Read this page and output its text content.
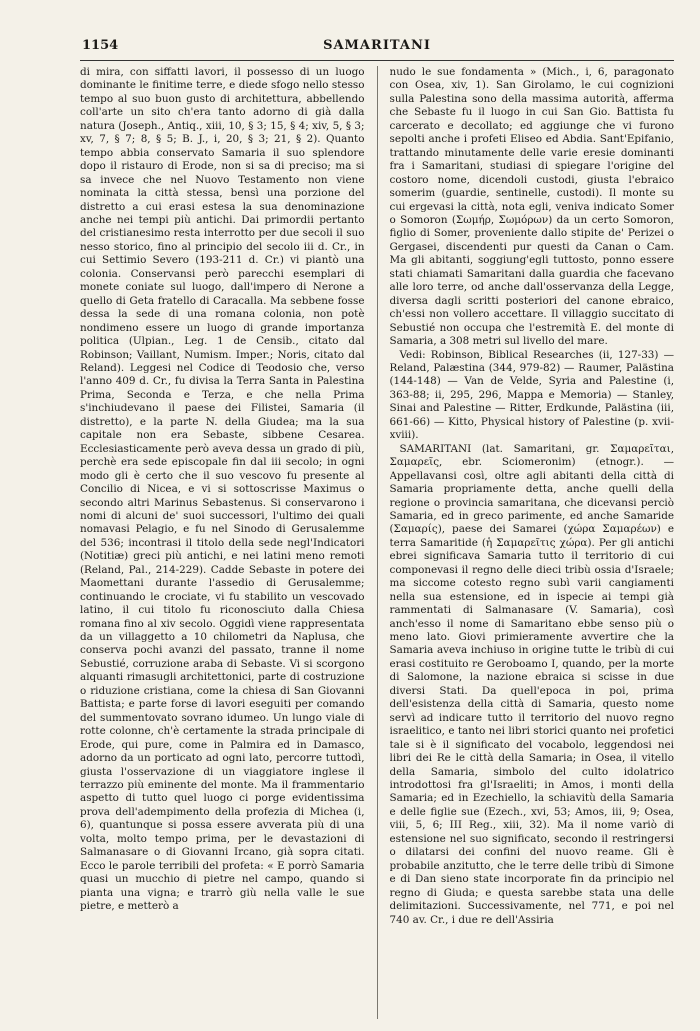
1154	SAMARITANI

di mira, con siffatti lavori, il possesso di un luogo dominante le finitime terre, e diede sfogo nello stesso tempo al suo buon gusto di architettura, abbellendo coll'arte un sito ch'era tanto adorno di già dalla natura (Joseph., Antiq., xiii, 10, § 3; 15, § 4; xiv, 5, § 3; xv, 7, § 7; 8, § 5; B. J., i, 20, § 3; 21, § 2). Quanto tempo abbia conservato Samaria il suo splendore dopo il ristauro di Erode, non si sa di preciso; ma si sa invece che nel Nuovo Testamento non viene nominata la città stessa, bensì una porzione del distretto a cui erasi estesa la sua denominazione anche nei tempi più antichi. Dai primordii pertanto del cristianesimo resta interrotto per due secoli il suo nesso storico, fino al principio del secolo iii d. Cr., in cui Settimio Severo (193-211 d. Cr.) vi piantò una colonia. Conservansi però parecchi esemplari di monete coniate sul luogo, dall'impero di Nerone a quello di Geta fratello di Caracalla. Ma sebbene fosse dessa la sede di una romana colonia, non potè nondimeno essere un luogo di grande importanza politica (Ulpian., Leg. 1 de Censib., citato dal Robinson; Vaillant, Numism. Imper.; Noris, citato dal Reland). Leggesi nel Codice di Teodosio che, verso l'anno 409 d. Cr., fu divisa la Terra Santa in Palestina Prima, Seconda e Terza, e che nella Prima s'inchiudevano il paese dei Filistei, Samaria (il distretto), e la parte N. della Giudea; ma la sua capitale non era Sebaste, sibbene Cesarea. Ecclesiasticamente però aveva dessa un grado di più, perchè era sede episcopale fin dal iii secolo; in ogni modo gli è certo che il suo vescovo fu presente al Concilio di Nicea, e vi si sottoscrisse Maximus o secondo altri Marinus Sebastenus. Si conservarono i nomi di alcuni de' suoi successori, l'ultimo dei quali nomavasi Pelagio, e fu nel Sinodo di Gerusalemme del 536; incontrasi il titolo della sede negl'Indicatori (Notitiæ) greci più antichi, e nei latini meno remoti (Reland, Pal., 214-229). Cadde Sebaste in potere dei Maomettani durante l'assedio di Gerusalemme; continuando le crociate, vi fu stabilito un vescovado latino, il cui titolo fu riconosciuto dalla Chiesa romana fino al xiv secolo. Oggidì viene rappresentata da un villaggetto a 10 chilometri da Naplusa, che conserva pochi avanzi del passato, tranne il nome Sebustié, corruzione araba di Sebaste. Vi si scorgono alquanti rimasugli architettonici, parte di costruzione o riduzione cristiana, come la chiesa di San Giovanni Battista; e parte forse di lavori eseguiti per comando del summentovato sovrano idumeo. Un lungo viale di rotte colonne, ch'è certamente la strada principale di Erode, qui pure, come in Palmira ed in Damasco, adorno da un porticato ad ogni lato, percorre tuttodì, giusta l'osservazione di un viaggiatore inglese il terrazzo più eminente del monte. Ma il frammentario aspetto di tutto quel luogo ci porge evidentissima prova dell'adempimento della profezia di Michea (i, 6), quantunque si possa essere avverata più di una volta, molto tempo prima, per le devastazioni di Salmanasare o di Giovanni Ircano, già sopra citati. Ecco le parole terribili del profeta: « E porrò Samaria quasi un mucchio di pietre nel campo, quando si pianta una vigna; e trarrò giù nella valle le sue pietre, e metterò a

nudo le sue fondamenta » (Mich., i, 6, paragonato con Osea, xiv, 1). San Girolamo, le cui cognizioni sulla Palestina sono della massima autorità, afferma che Sebaste fu il luogo in cui San Gio. Battista fu carcerato e decollato; ed aggiunge che vi furono sepolti anche i profeti Eliseo ed Abdia. Sant'Epifanio, trattando minutamente delle varie eresie dominanti fra i Samaritani, studiasi di spiegare l'origine del costoro nome, dicendoli custodi, giusta l'ebraico somerim (guardie, sentinelle, custodi). Il monte su cui ergevasi la città, nota egli, veniva indicato Somer o Somoron (Σωμήρ, Σωμόρων) da un certo Somoron, figlio di Somer, proveniente dallo stipite de' Perizei o Gergasei, discendenti pur questi da Canan o Cam. Ma gli abitanti, soggiung'egli tuttosto, ponno essere stati chiamati Samaritani dalla guardia che facevano alle loro terre, od anche dall'osservanza della Legge, diversa dagli scritti posteriori del canone ebraico, ch'essi non vollero accettare. Il villaggio succitato di Sebustié non occupa che l'estremità E. del monte di Samaria, a 308 metri sul livello del mare.

Vedi: Robinson, Biblical Researches (ii, 127-33) — Reland, Palæstina (344, 979-82) — Raumer, Palästina (144-148) — Van de Velde, Syria and Palestine (i, 363-88; ii, 295, 296, Mappa e Memoria) — Stanley, Sinai and Palestine — Ritter, Erdkunde, Palästina (iii, 661-66) — Kitto, Physical history of Palestine (p. xvii-xviii).

SAMARITANI (lat. Samaritani, gr. Σαμαρεῖται, Σαμαρεῖς, ebr. Sciomeronim) (etnogr.). — Appellavansi così, oltre agli abitanti della città di Samaria propriamente detta, anche quelli della regione o provincia samaritana, che dicevansi perciò Samaria, ed in greco parimente, ed anche Samaride (Σαμαρίς), paese dei Samarei (χώρα Σαμαρέων) e terra Samaritide (ἡ Σαμαρεῖτις χώρα). Per gli antichi ebrei significava Samaria tutto il territorio di cui componevasi il regno delle dieci tribù ossia d'Israele; ma siccome cotesto regno subì varii cangiamenti nella sua estensione, ed in ispecie ai tempi già rammentati di Salmanasare (V. Samaria), così anch'esso il nome di Samaritano ebbe senso più o meno lato. Giovi primieramente avvertire che la Samaria aveva inchiuso in origine tutte le tribù di cui erasi costituito re Geroboamo I, quando, per la morte di Salomone, la nazione ebraica si scisse in due diversi Stati. Da quell'epoca in poi, prima dell'esistenza della città di Samaria, questo nome servì ad indicare tutto il territorio del nuovo regno israelitico, e tanto nei libri storici quanto nei profetici tale si è il significato del vocabolo, leggendosi nei libri dei Re le città della Samaria; in Osea, il vitello della Samaria, simbolo del culto idolatrico introdottosi fra gl'Israeliti; in Amos, i monti della Samaria; ed in Ezechiello, la schiavitù della Samaria e delle figlie sue (Ezech., xvi, 53; Amos, iii, 9; Osea, viii, 5, 6; III Reg., xiii, 32). Ma il nome variò di estensione nel suo significato, secondo il restringersi o dilatarsi dei confini del nuovo reame. Gli è probabile anzitutto, che le terre delle tribù di Simone e di Dan sieno state incorporate fin da principio nel regno di Giuda; e questa sarebbe stata una delle delimitazioni. Successivamente, nel 771, e poi nel 740 av. Cr., i due re dell'Assiria
